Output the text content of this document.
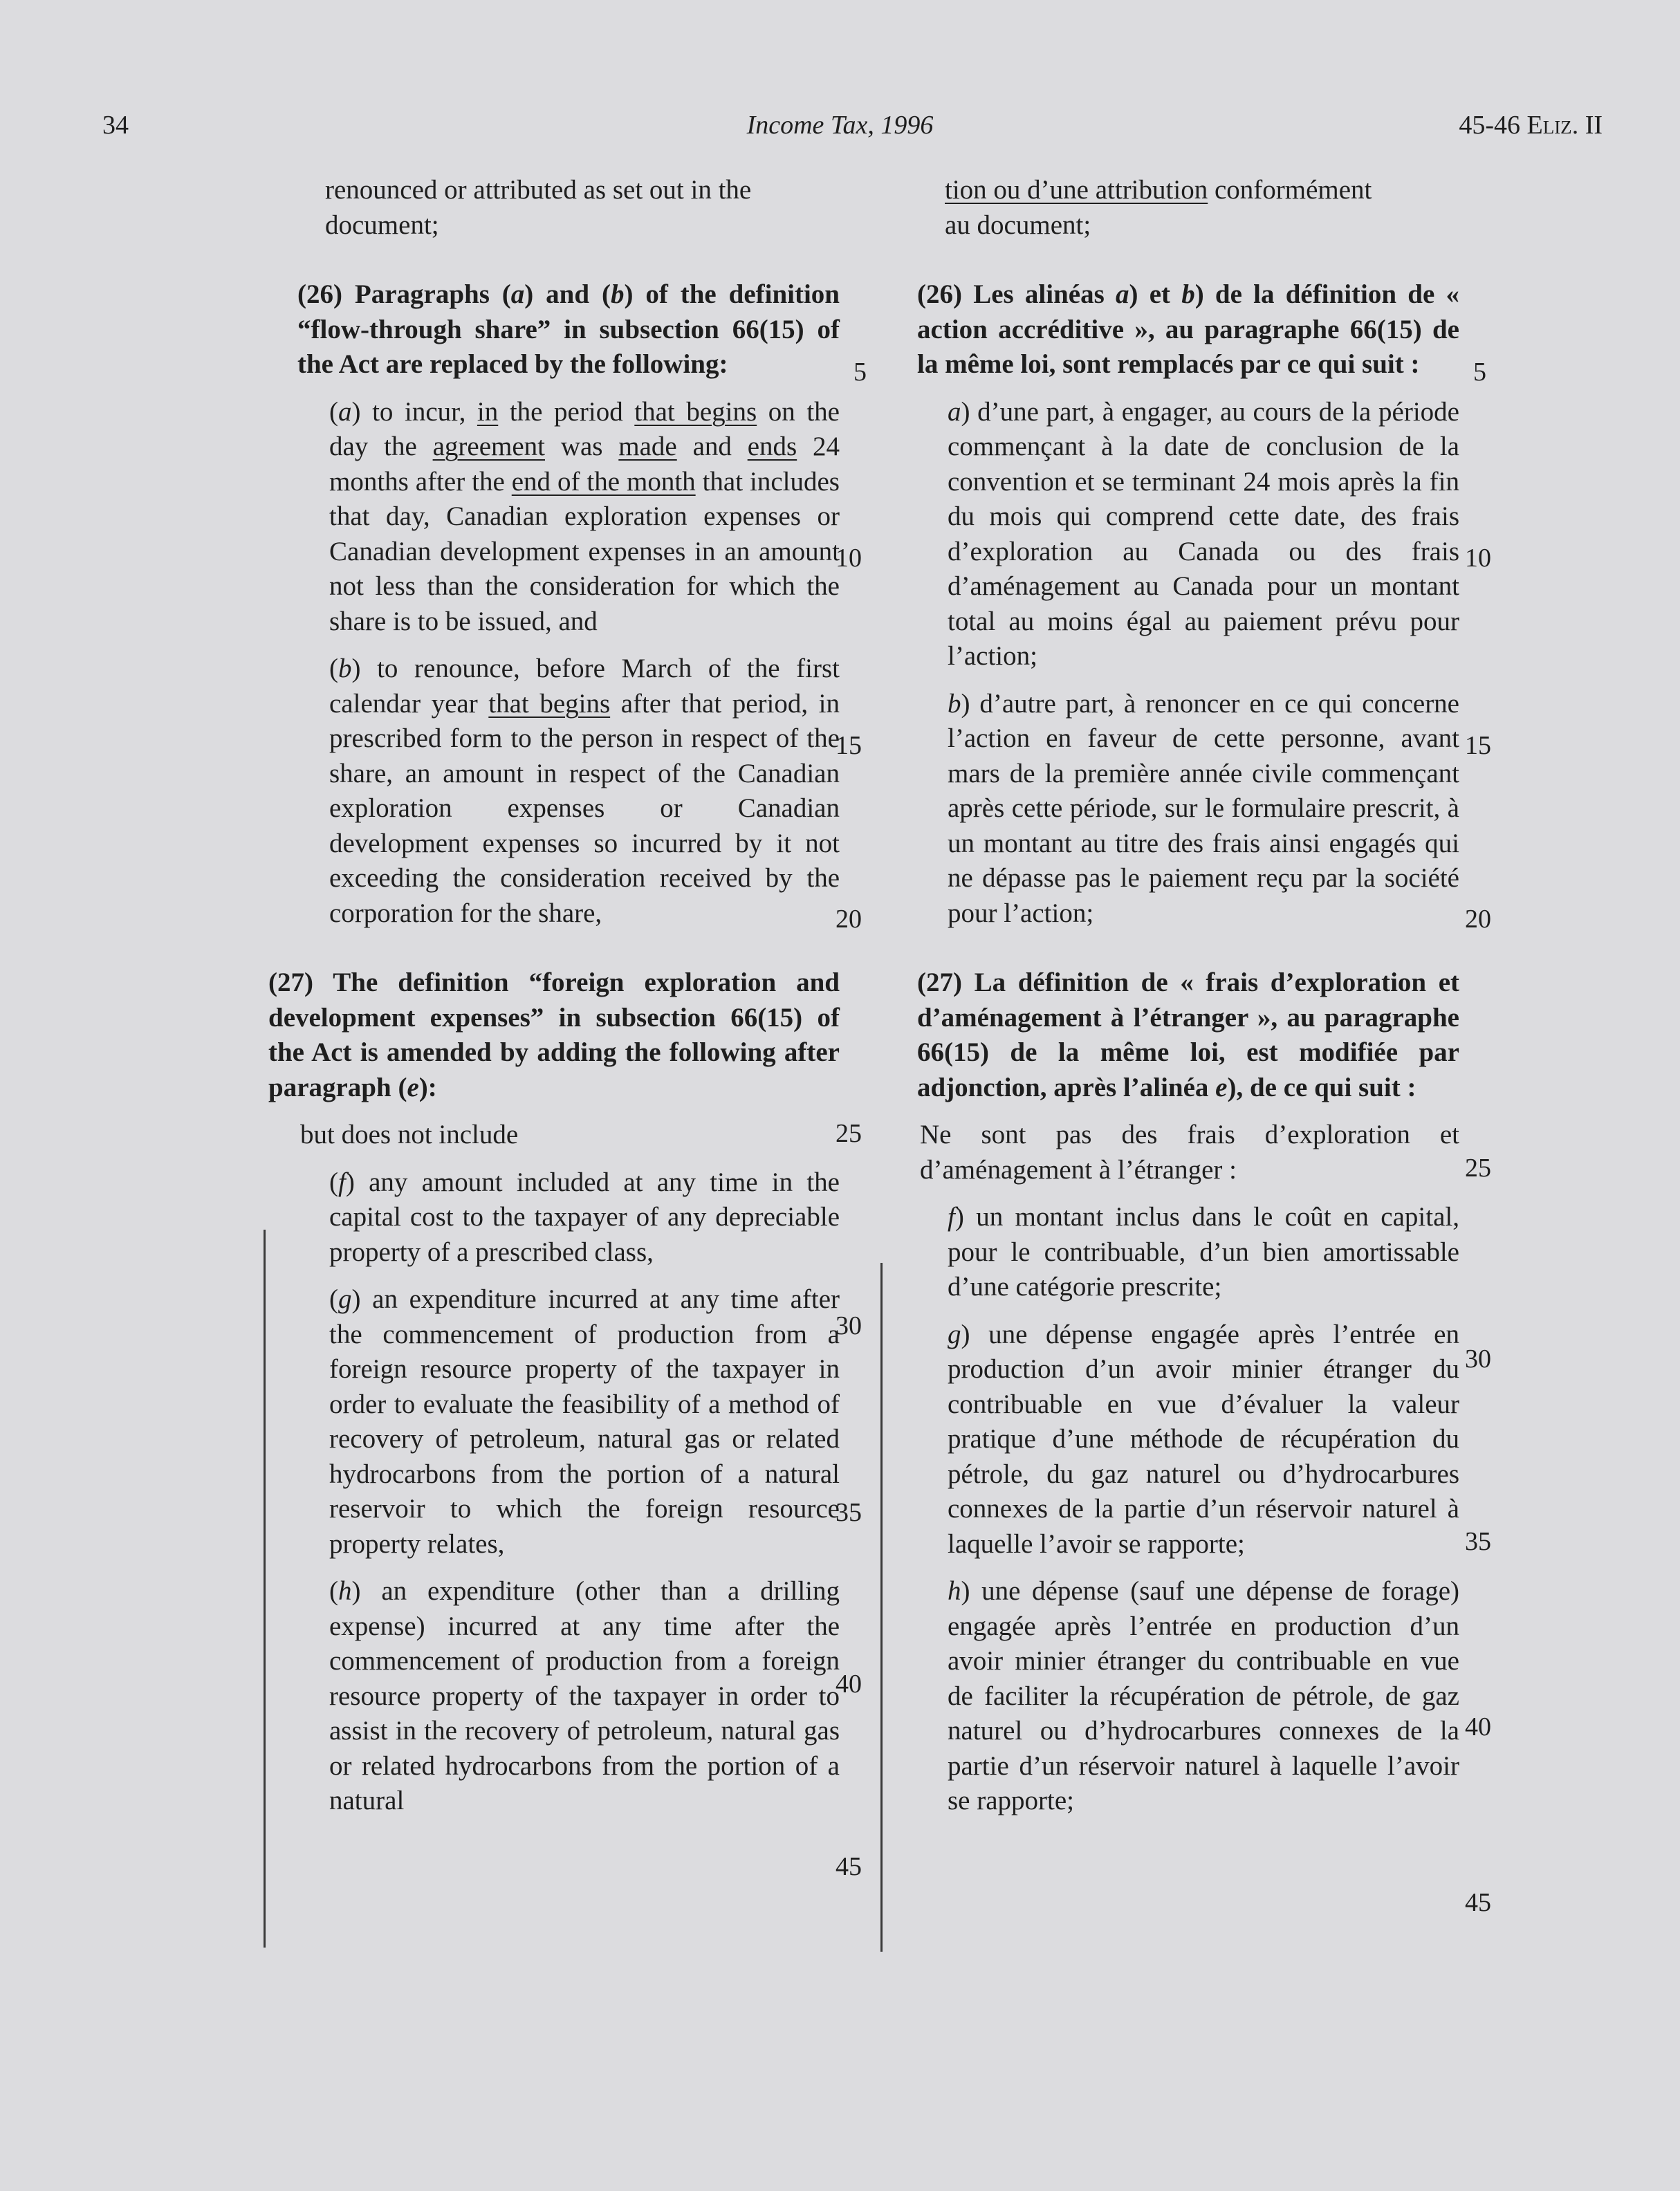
34	Income Tax, 1996	45-46 Eliz. II

renounced or attributed as set out in the
document;

(26) Paragraphs (a) and (b) of the definition “flow-through share” in subsection 66(15) of the Act are replaced by the following:

(a) to incur, in the period that begins on the day the agreement was made and ends 24 months after the end of the month that includes that day, Canadian exploration expenses or Canadian development expenses in an amount not less than the consideration for which the share is to be issued, and

(b) to renounce, before March of the first calendar year that begins after that period, in prescribed form to the person in respect of the share, an amount in respect of the Canadian exploration expenses or Canadian development expenses so incurred by it not exceeding the consideration received by the corporation for the share,

(27) The definition “foreign exploration and development expenses” in subsection 66(15) of the Act is amended by adding the following after paragraph (e):

but does not include

(f) any amount included at any time in the capital cost to the taxpayer of any depreciable property of a prescribed class,

(g) an expenditure incurred at any time after the commencement of production from a foreign resource property of the taxpayer in order to evaluate the feasibility of a method of recovery of petroleum, natural gas or related hydrocarbons from the portion of a natural reservoir to which the foreign resource property relates,

(h) an expenditure (other than a drilling expense) incurred at any time after the commencement of production from a foreign resource property of the taxpayer in order to assist in the recovery of petroleum, natural gas or related hydrocarbons from the portion of a natural

tion ou d’une attribution conformément
au document;

(26) Les alinéas a) et b) de la définition de « action accréditive », au paragraphe 66(15) de la même loi, sont remplacés par ce qui suit :

a) d’une part, à engager, au cours de la période commençant à la date de conclusion de la convention et se terminant 24 mois après la fin du mois qui comprend cette date, des frais d’exploration au Canada ou des frais d’aménagement au Canada pour un montant total au moins égal au paiement prévu pour l’action;

b) d’autre part, à renoncer en ce qui concerne l’action en faveur de cette personne, avant mars de la première année civile commençant après cette période, sur le formulaire prescrit, à un montant au titre des frais ainsi engagés qui ne dépasse pas le paiement reçu par la société pour l’action;

(27) La définition de « frais d’exploration et d’aménagement à l’étranger », au paragraphe 66(15) de la même loi, est modifiée par adjonction, après l’alinéa e), de ce qui suit :

Ne sont pas des frais d’exploration et d’aménagement à l’étranger :

f) un montant inclus dans le coût en capital, pour le contribuable, d’un bien amortissable d’une catégorie prescrite;

g) une dépense engagée après l’entrée en production d’un avoir minier étranger du contribuable en vue d’évaluer la valeur pratique d’une méthode de récupération du pétrole, du gaz naturel ou d’hydrocarbures connexes de la partie d’un réservoir naturel à laquelle l’avoir se rapporte;

h) une dépense (sauf une dépense de forage) engagée après l’entrée en production d’un avoir minier étranger du contribuable en vue de faciliter la récupération de pétrole, de gaz naturel ou d’hydrocarbures connexes de la partie d’un réservoir naturel à laquelle l’avoir se rapporte;

5
10
15
20
25
30
35
40
45
5
10
15
20
25
30
35
40
45
